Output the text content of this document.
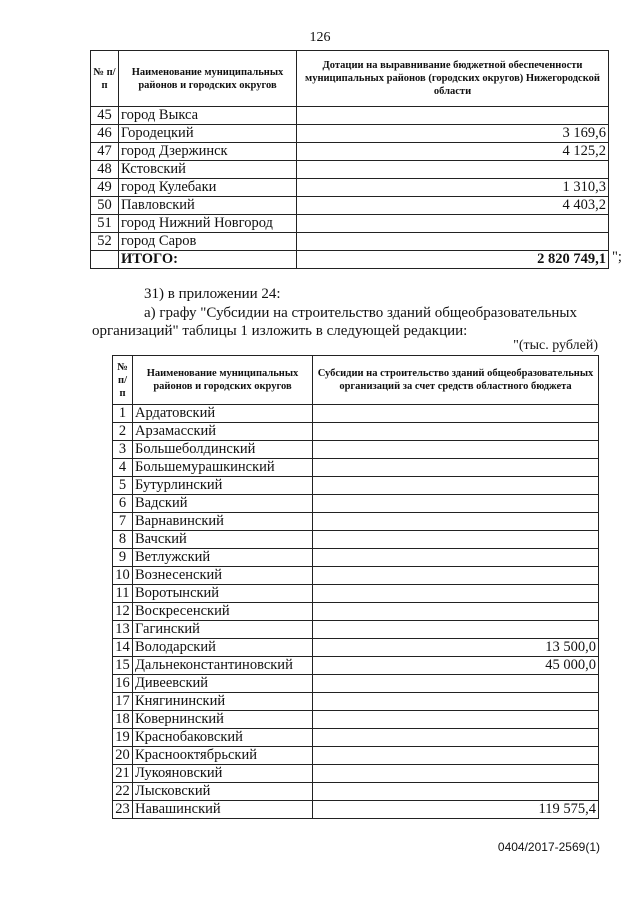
126
№ п/п	Наименование муниципальных районов и городских округов	Дотации на выравнивание бюджетной обеспеченности муниципальных районов (городских округов) Нижегородской области
45	город Выкса	
46	Городецкий	3 169,6
47	город Дзержинск	4 125,2
48	Кстовский	
49	город Кулебаки	1 310,3
50	Павловский	4 403,2
51	город Нижний Новгород	
52	город Саров	
	ИТОГО:	2 820 749,1 ";
31) в приложении 24:
а) графу "Субсидии на строительство зданий общеобразовательных
организаций" таблицы 1 изложить в следующей редакции:
"(тыс. рублей)
№ п/п	Наименование муниципальных районов и городских округов	Субсидии на строительство зданий общеобразовательных организаций за счет средств областного бюджета
1	Ардатовский	
2	Арзамасский	
3	Большеболдинский	
4	Большемурашкинский	
5	Бутурлинский	
6	Вадский	
7	Варнавинский	
8	Вачский	
9	Ветлужский	
10	Вознесенский	
11	Воротынский	
12	Воскресенский	
13	Гагинский	
14	Володарский	13 500,0
15	Дальнеконстантиновский	45 000,0
16	Дивеевский	
17	Княгининский	
18	Ковернинский	
19	Краснобаковский	
20	Краснооктябрьский	
21	Лукояновский	
22	Лысковский	
23	Навашинский	119 575,4
0404/2017-2569(1)
